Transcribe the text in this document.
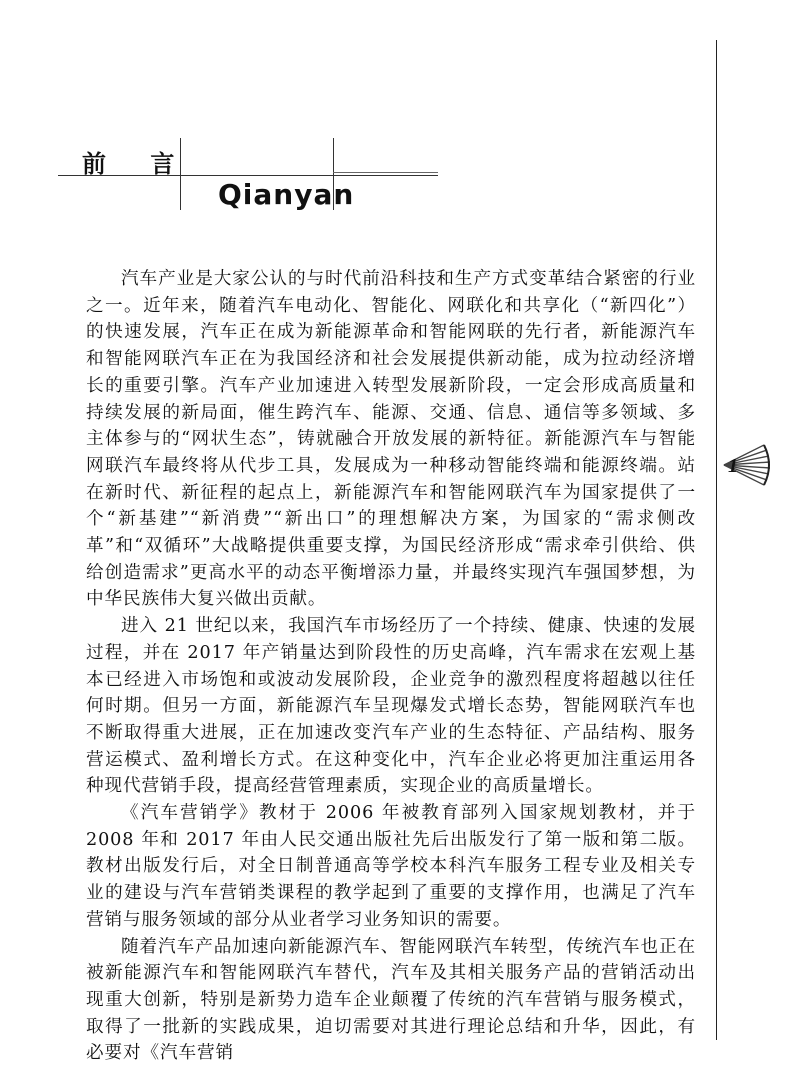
前 言
Qianyan

汽车产业是大家公认的与时代前沿科技和生产方式变革结合紧密的行业之一。近年来，随着汽车电动化、智能化、网联化和共享化（“新四化”）的快速发展，汽车正在成为新能源革命和智能网联的先行者，新能源汽车和智能网联汽车正在为我国经济和社会发展提供新动能，成为拉动经济增长的重要引擎。汽车产业加速进入转型发展新阶段，一定会形成高质量和持续发展的新局面，催生跨汽车、能源、交通、信息、通信等多领域、多主体参与的“网状生态”，铸就融合开放发展的新特征。新能源汽车与智能网联汽车最终将从代步工具，发展成为一种移动智能终端和能源终端。站在新时代、新征程的起点上，新能源汽车和智能网联汽车为国家提供了一个“新基建”“新消费”“新出口”的理想解决方案，为国家的“需求侧改革”和“双循环”大战略提供重要支撑，为国民经济形成“需求牵引供给、供给创造需求”更高水平的动态平衡增添力量，并最终实现汽车强国梦想，为中华民族伟大复兴做出贡献。

进入 21 世纪以来，我国汽车市场经历了一个持续、健康、快速的发展过程，并在 2017 年产销量达到阶段性的历史高峰，汽车需求在宏观上基本已经进入市场饱和或波动发展阶段，企业竞争的激烈程度将超越以往任何时期。但另一方面，新能源汽车呈现爆发式增长态势，智能网联汽车也不断取得重大进展，正在加速改变汽车产业的生态特征、产品结构、服务营运模式、盈利增长方式。在这种变化中，汽车企业必将更加注重运用各种现代营销手段，提高经营管理素质，实现企业的高质量增长。

《汽车营销学》教材于 2006 年被教育部列入国家规划教材，并于 2008 年和 2017 年由人民交通出版社先后出版发行了第一版和第二版。教材出版发行后，对全日制普通高等学校本科汽车服务工程专业及相关专业的建设与汽车营销类课程的教学起到了重要的支撑作用，也满足了汽车营销与服务领域的部分从业者学习业务知识的需要。

随着汽车产品加速向新能源汽车、智能网联汽车转型，传统汽车也正在被新能源汽车和智能网联汽车替代，汽车及其相关服务产品的营销活动出现重大创新，特别是新势力造车企业颠覆了传统的汽车营销与服务模式，取得了一批新的实践成果，迫切需要对其进行理论总结和升华，因此，有必要对《汽车营销

1
